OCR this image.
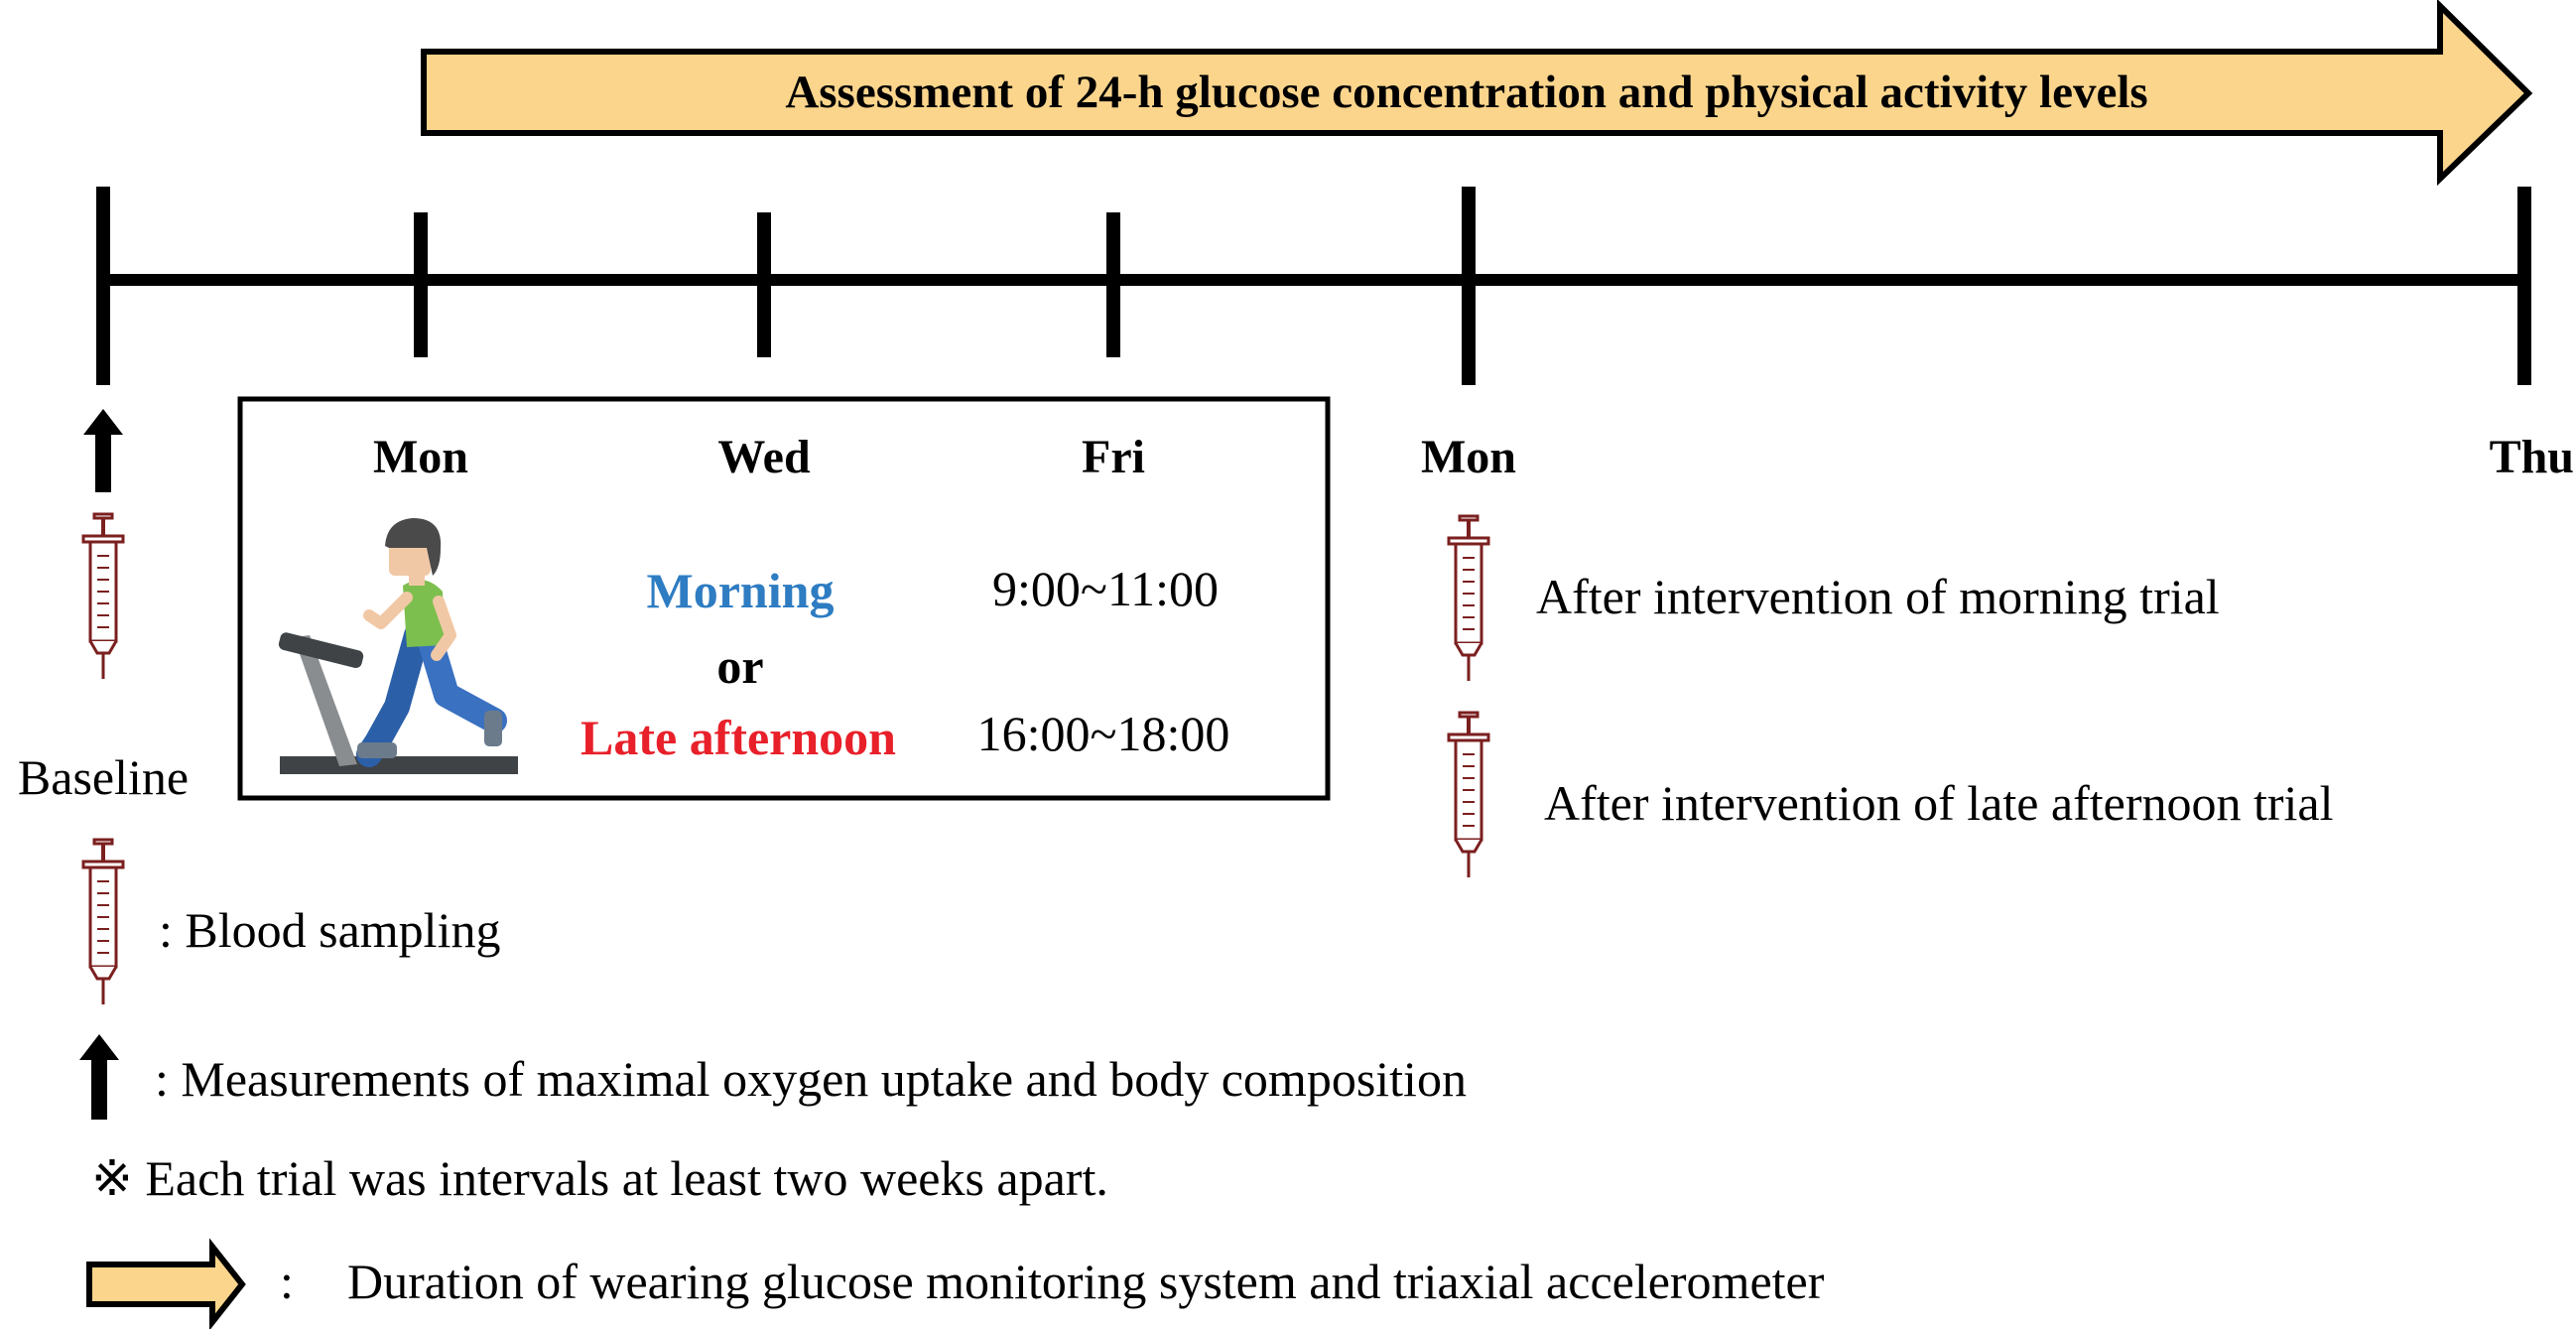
Assessment of 24-h glucose concentration and physical activity levels
Mon	Wed	Fri	Mon	Thu
Morning
or
Late afternoon
9:00~11:00
16:00~18:00
Baseline
After intervention of morning trial
After intervention of late afternoon trial
: Blood sampling
: Measurements of maximal oxygen uptake and body composition
※ Each trial was intervals at least two weeks apart.
: Duration of wearing glucose monitoring system and triaxial accelerometer
